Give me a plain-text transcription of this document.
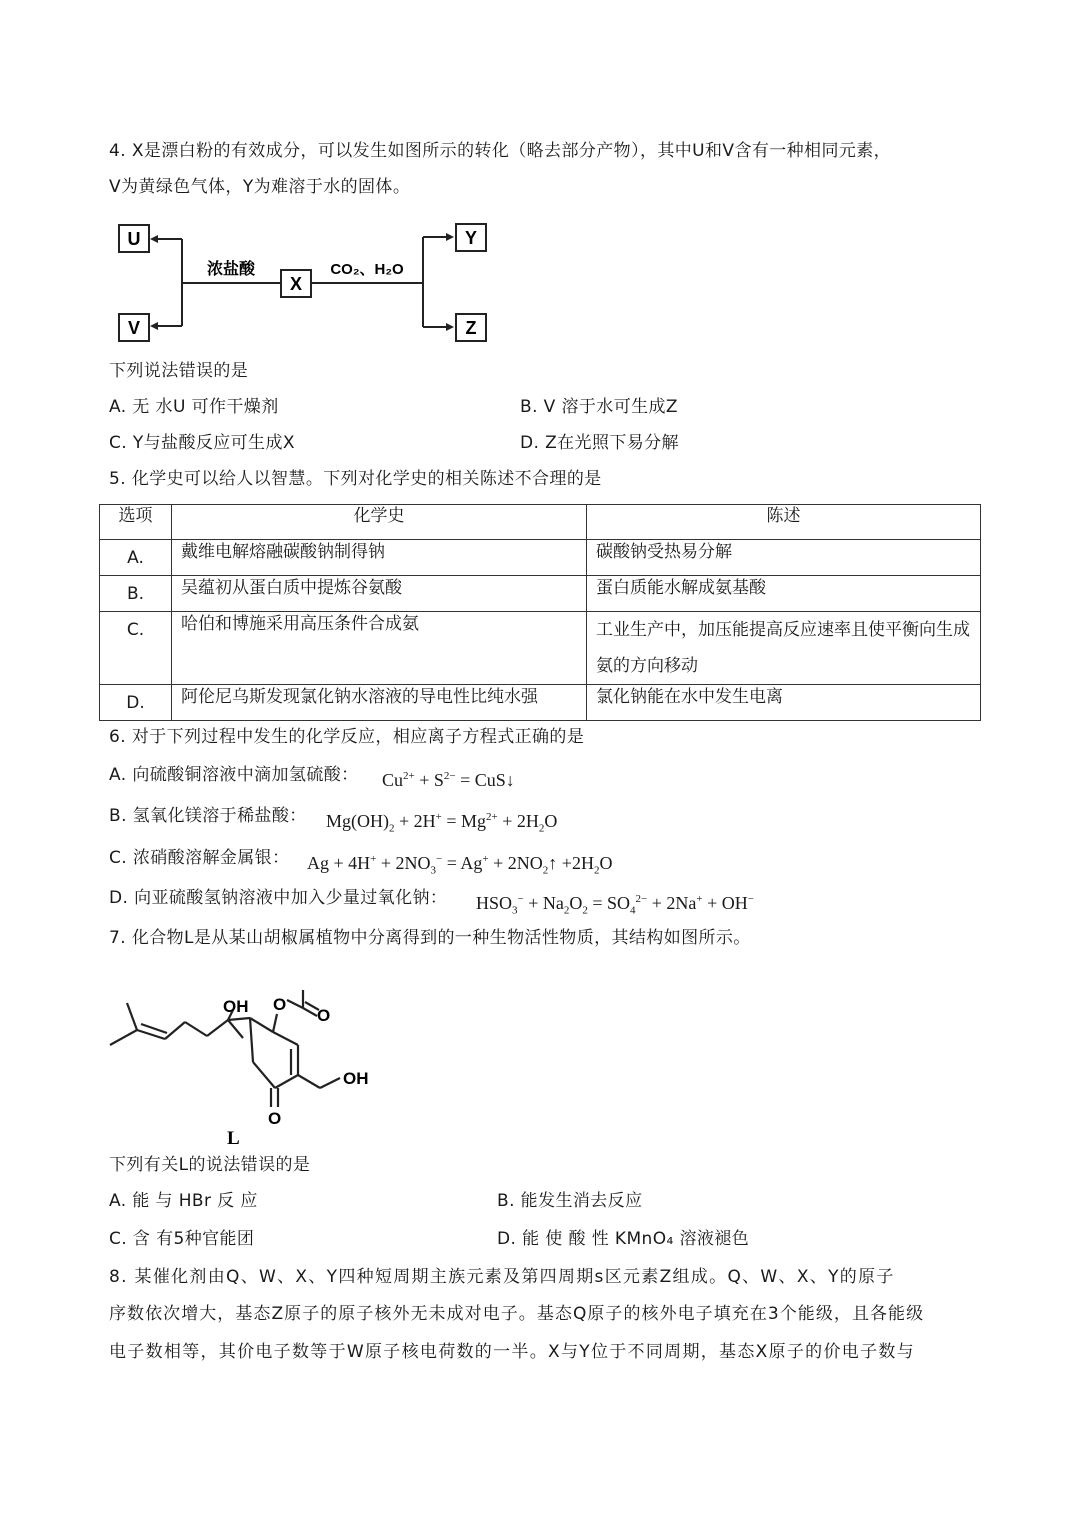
4. X是漂白粉的有效成分，可以发生如图所示的转化（略去部分产物），其中U和V含有一种相同元素，
V为黄绿色气体，Y为难溶于水的固体。
U
V
浓盐酸
X
CO₂、H₂O
Y
Z
下列说法错误的是
A. 无 水U 可作干燥剂	B. V 溶于水可生成Z
C. Y与盐酸反应可生成X	D. Z在光照下易分解
5. 化学史可以给人以智慧。下列对化学史的相关陈述不合理的是
选项	化学史	陈述
A.	戴维电解熔融碳酸钠制得钠	碳酸钠受热易分解
B.	吴蕴初从蛋白质中提炼谷氨酸	蛋白质能水解成氨基酸
C.	哈伯和博施采用高压条件合成氨	工业生产中，加压能提高反应速率且使平衡向生成氨的方向移动
D.	阿伦尼乌斯发现氯化钠水溶液的导电性比纯水强	氯化钠能在水中发生电离
6. 对于下列过程中发生的化学反应，相应离子方程式正确的是
A. 向硫酸铜溶液中滴加氢硫酸： $Cu^{2+} + S^{2-}$ = CuS↓
B. 氢氧化镁溶于稀盐酸： $Mg(OH)_2 + 2H^+ = Mg^{2+} + 2H_2O$
C. 浓硝酸溶解金属银： $Ag + 4H^+ + 2NO_3^- = Ag^+$ + $2NO_2↑ +2H_2O$
D. 向亚硫酸氢钠溶液中加入少量过氧化钠： $HSO_3^- + Na_2O_2 = SO_4^{2-} + 2Na^+ + OH^-$
7. 化合物L是从某山胡椒属植物中分离得到的一种生物活性物质，其结构如图所示。
OH
OH
O
O
O
L
下列有关L的说法错误的是
A. 能 与 HBr 反 应	B. 能发生消去反应
C. 含 有5种官能团	D. 能 使 酸 性 KMnO₄ 溶液褪色
8. 某催化剂由Q、W、X、Y四种短周期主族元素及第四周期s区元素Z组成。Q、W、X、Y的原子
序数依次增大，基态Z原子的原子核外无未成对电子。基态Q原子的核外电子填充在3个能级，且各能级
电子数相等，其价电子数等于W原子核电荷数的一半。X与Y位于不同周期，基态X原子的价电子数与
